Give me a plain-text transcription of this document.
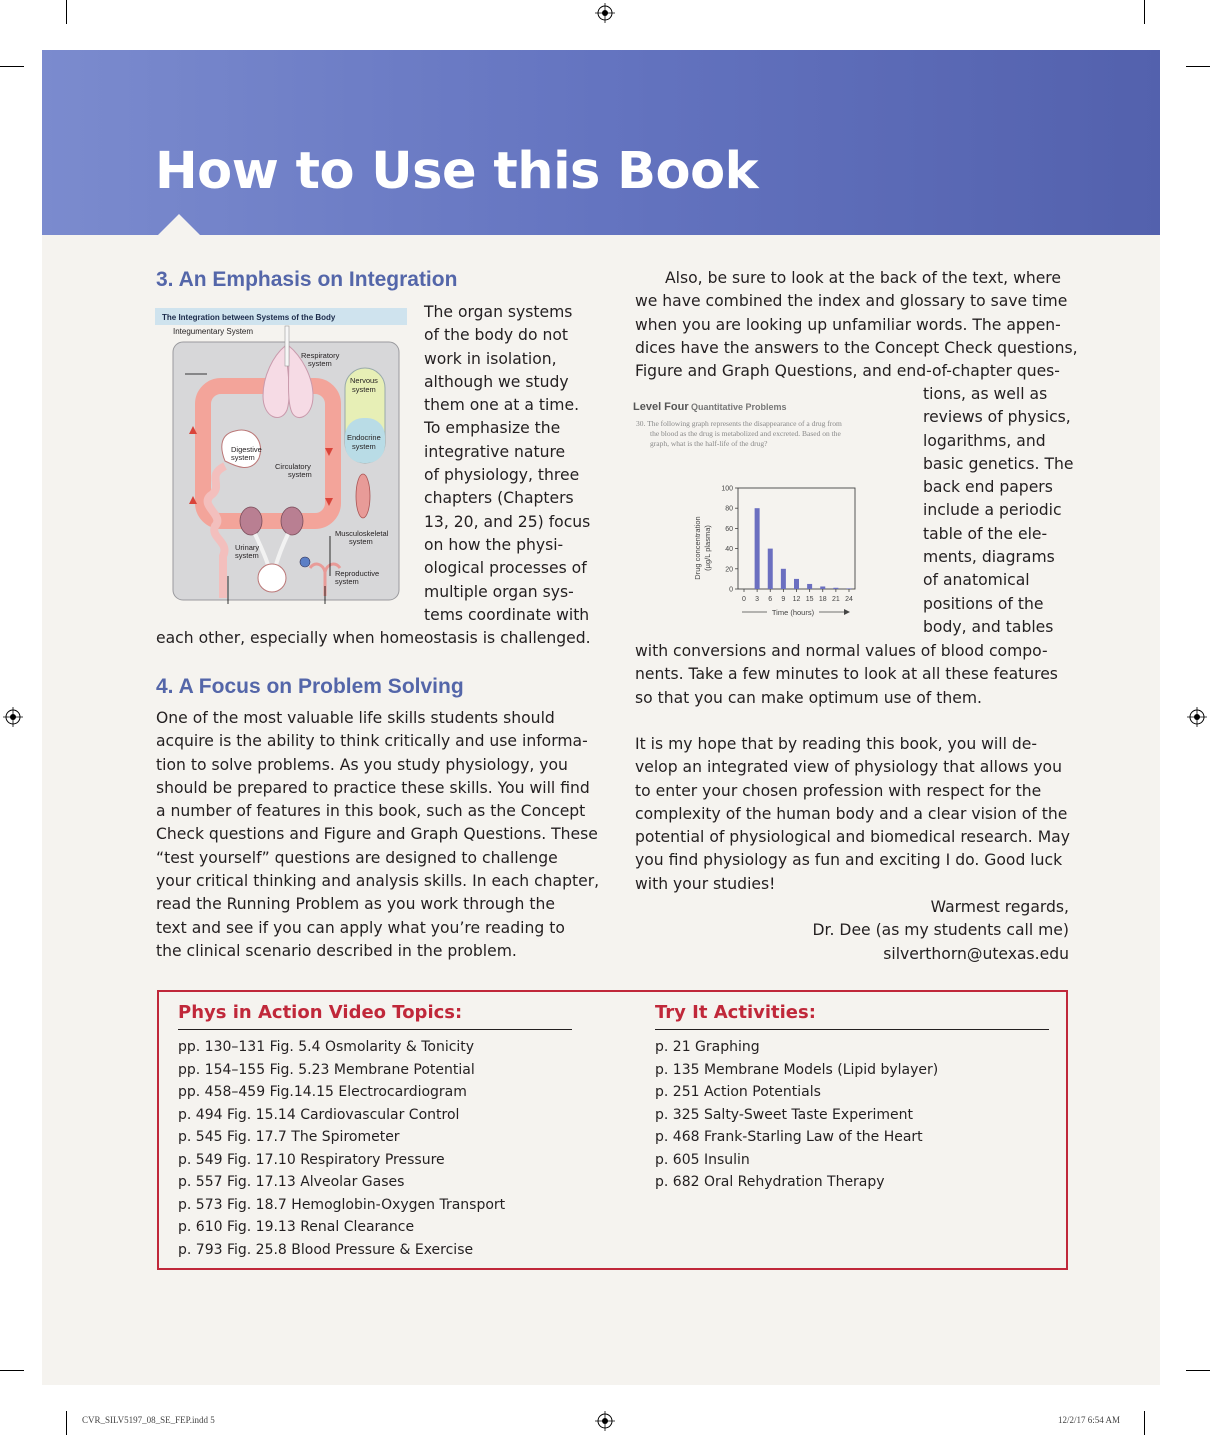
How to Use this Book
3. An Emphasis on Integration
The Integration between Systems of the Body
Integumentary System
Respiratory
system
Nervous
system
Endocrine
system
Digestive
system
Circulatory
system
Musculoskeletal
system
Urinary
system
Reproductive
system
The organ systems
of the body do not
work in isolation,
although we study
them one at a time.
To emphasize the
integrative nature
of physiology, three
chapters (Chapters
13, 20, and 25) focus
on how the physi-
ological processes of
multiple organ sys-
tems coordinate with
each other, especially when homeostasis is challenged.
4. A Focus on Problem Solving
One of the most valuable life skills students should
acquire is the ability to think critically and use informa-
tion to solve problems. As you study physiology, you
should be prepared to practice these skills. You will find
a number of features in this book, such as the Concept
Check questions and Figure and Graph Questions. These
“test yourself” questions are designed to challenge
your critical thinking and analysis skills. In each chapter,
read the Running Problem as you work through the
text and see if you can apply what you’re reading to
the clinical scenario described in the problem.
Also, be sure to look at the back of the text, where
we have combined the index and glossary to save time
when you are looking up unfamiliar words. The appen-
dices have the answers to the Concept Check questions,
Figure and Graph Questions, and end-of-chapter ques-
Level Four Quantitative Problems
30. The following graph represents the disappearance of a drug from
the blood as the drug is metabolized and excreted. Based on the
graph, what is the half-life of the drug?
0
20
40
60
80
100
0 3 6 9 12 15 18 21 24
Drug concentration (µg/L plasma)
Time (hours)
tions, as well as
reviews of physics,
logarithms, and
basic genetics. The
back end papers
include a periodic
table of the ele-
ments, diagrams
of anatomical
positions of the
body, and tables
with conversions and normal values of blood compo-
nents. Take a few minutes to look at all these features
so that you can make optimum use of them.
It is my hope that by reading this book, you will de-
velop an integrated view of physiology that allows you
to enter your chosen profession with respect for the
complexity of the human body and a clear vision of the
potential of physiological and biomedical research. May
you find physiology as fun and exciting I do. Good luck
with your studies!
Warmest regards,
Dr. Dee (as my students call me)
silverthorn@utexas.edu
Phys in Action Video Topics:
pp. 130–131 Fig. 5.4 Osmolarity & Tonicity
pp. 154–155 Fig. 5.23 Membrane Potential
pp. 458–459 Fig.14.15 Electrocardiogram
p. 494 Fig. 15.14 Cardiovascular Control
p. 545 Fig. 17.7 The Spirometer
p. 549 Fig. 17.10 Respiratory Pressure
p. 557 Fig. 17.13 Alveolar Gases
p. 573 Fig. 18.7 Hemoglobin-Oxygen Transport
p. 610 Fig. 19.13 Renal Clearance
p. 793 Fig. 25.8 Blood Pressure & Exercise
Try It Activities:
p. 21 Graphing
p. 135 Membrane Models (Lipid bylayer)
p. 251 Action Potentials
p. 325 Salty-Sweet Taste Experiment
p. 468 Frank-Starling Law of the Heart
p. 605 Insulin
p. 682 Oral Rehydration Therapy
CVR_SILV5197_08_SE_FEP.indd 5	12/2/17 6:54 AM
